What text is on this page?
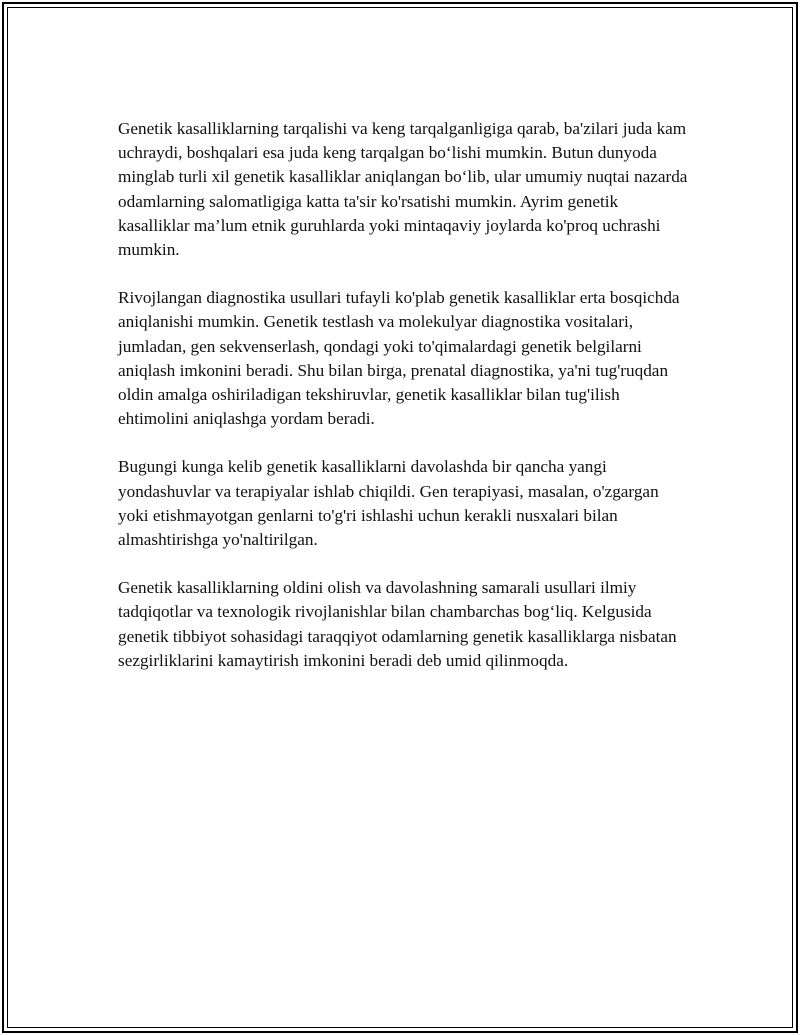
Genetik kasalliklarning tarqalishi va keng tarqalganligiga qarab, ba'zilari juda kam uchraydi, boshqalari esa juda keng tarqalgan bo‘lishi mumkin. Butun dunyoda minglab turli xil genetik kasalliklar aniqlangan bo‘lib, ular umumiy nuqtai nazarda odamlarning salomatligiga katta ta'sir ko'rsatishi mumkin. Ayrim genetik kasalliklar ma’lum etnik guruhlarda yoki mintaqaviy joylarda ko'proq uchrashi mumkin.

Rivojlangan diagnostika usullari tufayli ko'plab genetik kasalliklar erta bosqichda aniqlanishi mumkin. Genetik testlash va molekulyar diagnostika vositalari, jumladan, gen sekvenserlash, qondagi yoki to'qimalardagi genetik belgilarni aniqlash imkonini beradi. Shu bilan birga, prenatal diagnostika, ya'ni tug'ruqdan oldin amalga oshiriladigan tekshiruvlar, genetik kasalliklar bilan tug'ilish ehtimolini aniqlashga yordam beradi.

Bugungi kunga kelib genetik kasalliklarni davolashda bir qancha yangi yondashuvlar va terapiyalar ishlab chiqildi. Gen terapiyasi, masalan, o'zgargan yoki etishmayotgan genlarni to'g'ri ishlashi uchun kerakli nusxalari bilan almashtirishga yo'naltirilgan.

Genetik kasalliklarning oldini olish va davolashning samarali usullari ilmiy tadqiqotlar va texnologik rivojlanishlar bilan chambarchas bog‘liq. Kelgusida genetik tibbiyot sohasidagi taraqqiyot odamlarning genetik kasalliklarga nisbatan sezgirliklarini kamaytirish imkonini beradi deb umid qilinmoqda.
